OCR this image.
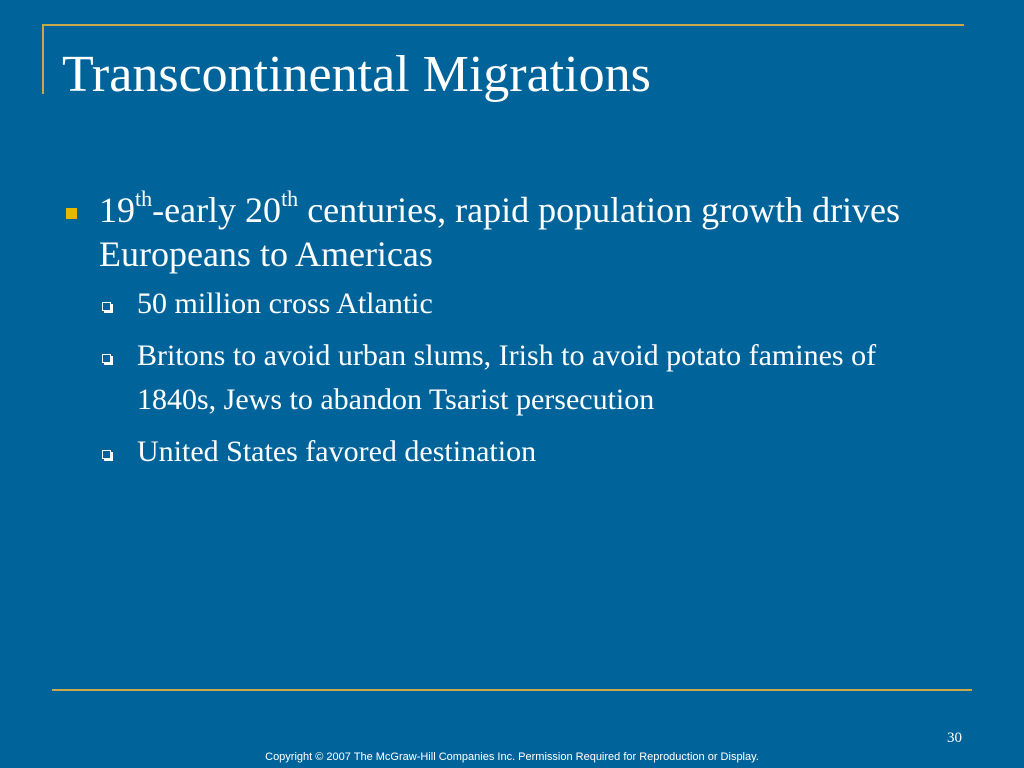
Transcontinental Migrations
19th-early 20th centuries, rapid population growth drives Europeans to Americas
50 million cross Atlantic
Britons to avoid urban slums, Irish to avoid potato famines of 1840s, Jews to abandon Tsarist persecution
United States favored destination
30
Copyright © 2007 The McGraw-Hill Companies Inc. Permission Required for Reproduction or Display.
